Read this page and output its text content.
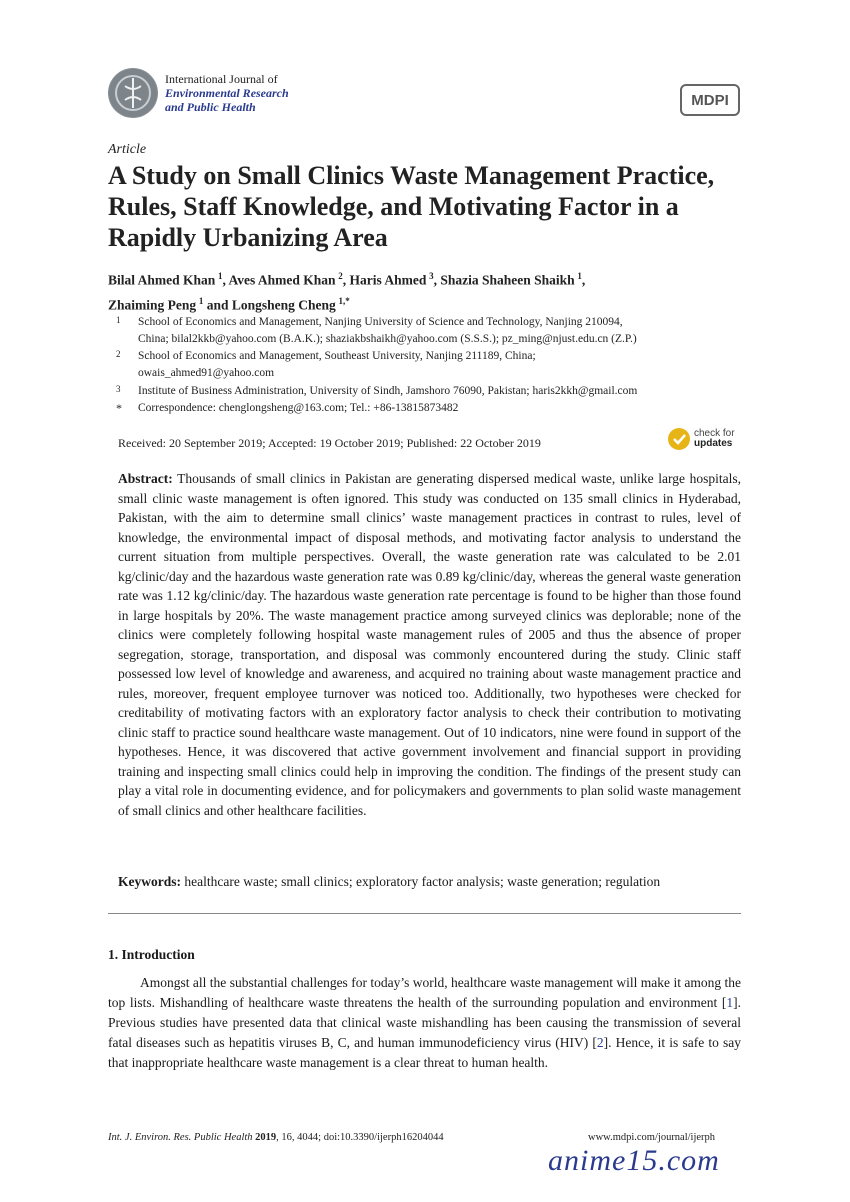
International Journal of
Environmental Research
and Public Health	MDPI
Article
A Study on Small Clinics Waste Management Practice, Rules, Staff Knowledge, and Motivating Factor in a Rapidly Urbanizing Area
Bilal Ahmed Khan  $^1$, Aves Ahmed Khan  $^2$, Haris Ahmed  $^3$, Shazia Shaheen Shaikh  $^1$,
Zhaiming Peng  $^1$ and Longsheng Cheng  $^{1,*}$
1 School of Economics and Management, Nanjing University of Science and Technology, Nanjing 210094,
China; bilal2kkb@yahoo.com (B.A.K.); shaziakbshaikh@yahoo.com (S.S.S.); pz_ming@njust.edu.cn (Z.P.)
2 School of Economics and Management, Southeast University, Nanjing 211189, China;
owais_ahmed91@yahoo.com
3 Institute of Business Administration, University of Sindh, Jamshoro 76090, Pakistan; haris2kkh@gmail.com
* Correspondence: chenglongsheng@163.com; Tel.: +86-13815873482
Received: 20 September 2019; Accepted: 19 October 2019; Published: 22 October 2019
check for
updates
Abstract: Thousands of small clinics in Pakistan are generating dispersed medical waste, unlike large hospitals, small clinic waste management is often ignored. This study was conducted on 135 small clinics in Hyderabad, Pakistan, with the aim to determine small clinics’ waste management practices in contrast to rules, level of knowledge, the environmental impact of disposal methods, and motivating factor analysis to understand the current situation from multiple perspectives. Overall, the waste generation rate was calculated to be 2.01 kg/clinic/day and the hazardous waste generation rate was 0.89 kg/clinic/day, whereas the general waste generation rate was 1.12 kg/clinic/day. The hazardous waste generation rate percentage is found to be higher than those found in large hospitals by 20%. The waste management practice among surveyed clinics was deplorable; none of the clinics were completely following hospital waste management rules of 2005 and thus the absence of proper segregation, storage, transportation, and disposal was commonly encountered during the study. Clinic staff possessed low level of knowledge and awareness, and acquired no training about waste management practice and rules, moreover, frequent employee turnover was noticed too. Additionally, two hypotheses were checked for creditability of motivating factors with an exploratory factor analysis to check their contribution to motivating clinic staff to practice sound healthcare waste management. Out of 10 indicators, nine were found in support of the hypotheses. Hence, it was discovered that active government involvement and financial support in providing training and inspecting small clinics could help in improving the condition. The findings of the present study can play a vital role in documenting evidence, and for policymakers and governments to plan solid waste management of small clinics and other healthcare facilities.
Keywords: healthcare waste; small clinics; exploratory factor analysis; waste generation; regulation
1. Introduction
Amongst all the substantial challenges for today’s world, healthcare waste management will make it among the top lists. Mishandling of healthcare waste threatens the health of the surrounding population and environment [1]. Previous studies have presented data that clinical waste mishandling has been causing the transmission of several fatal diseases such as hepatitis viruses B, C, and human immunodeficiency virus (HIV) [2]. Hence, it is safe to say that inappropriate healthcare waste management is a clear threat to human health.
Int. J. Environ. Res. Public Health 2019, 16, 4044; doi:10.3390/ijerph16204044	www.mdpi.com/journal/ijerph
anime15.com
